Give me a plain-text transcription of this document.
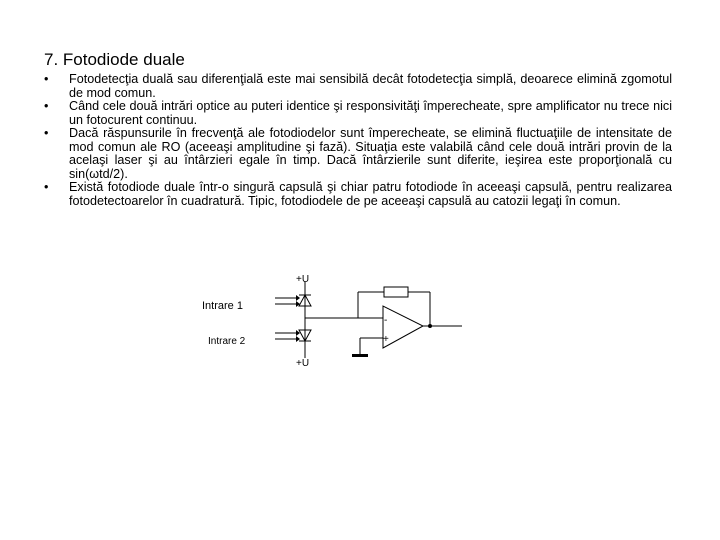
7. Fotodiode duale
• Fotodetecţia duală sau diferenţială este mai sensibilă decât fotodetecţia simplă, deoarece elimină zgomotul de mod comun.
• Când cele două intrări optice au puteri identice şi responsivităţi împerecheate, spre amplificator nu trece nici un fotocurent continuu.
• Dacă răspunsurile în frecvenţă ale fotodiodelor sunt împerecheate, se elimină fluctuaţiile de intensitate de mod comun ale RO (aceeaşi amplitudine şi fază). Situaţia este valabilă când cele două intrări provin de la acelaşi laser şi au întârzieri egale în timp. Dacă întârzierile sunt diferite, ieşirea este proporţională cu sin(ωtd/2).
• Există fotodiode duale într-o singură capsulă şi chiar patru fotodiode în aceeaşi capsulă, pentru realizarea fotodetectoarelor în cuadratură. Tipic, fotodiodele de pe aceeaşi capsulă au catozii legaţi în comun.
+U
+U
Intrare 1
Intrare 2
-
+
